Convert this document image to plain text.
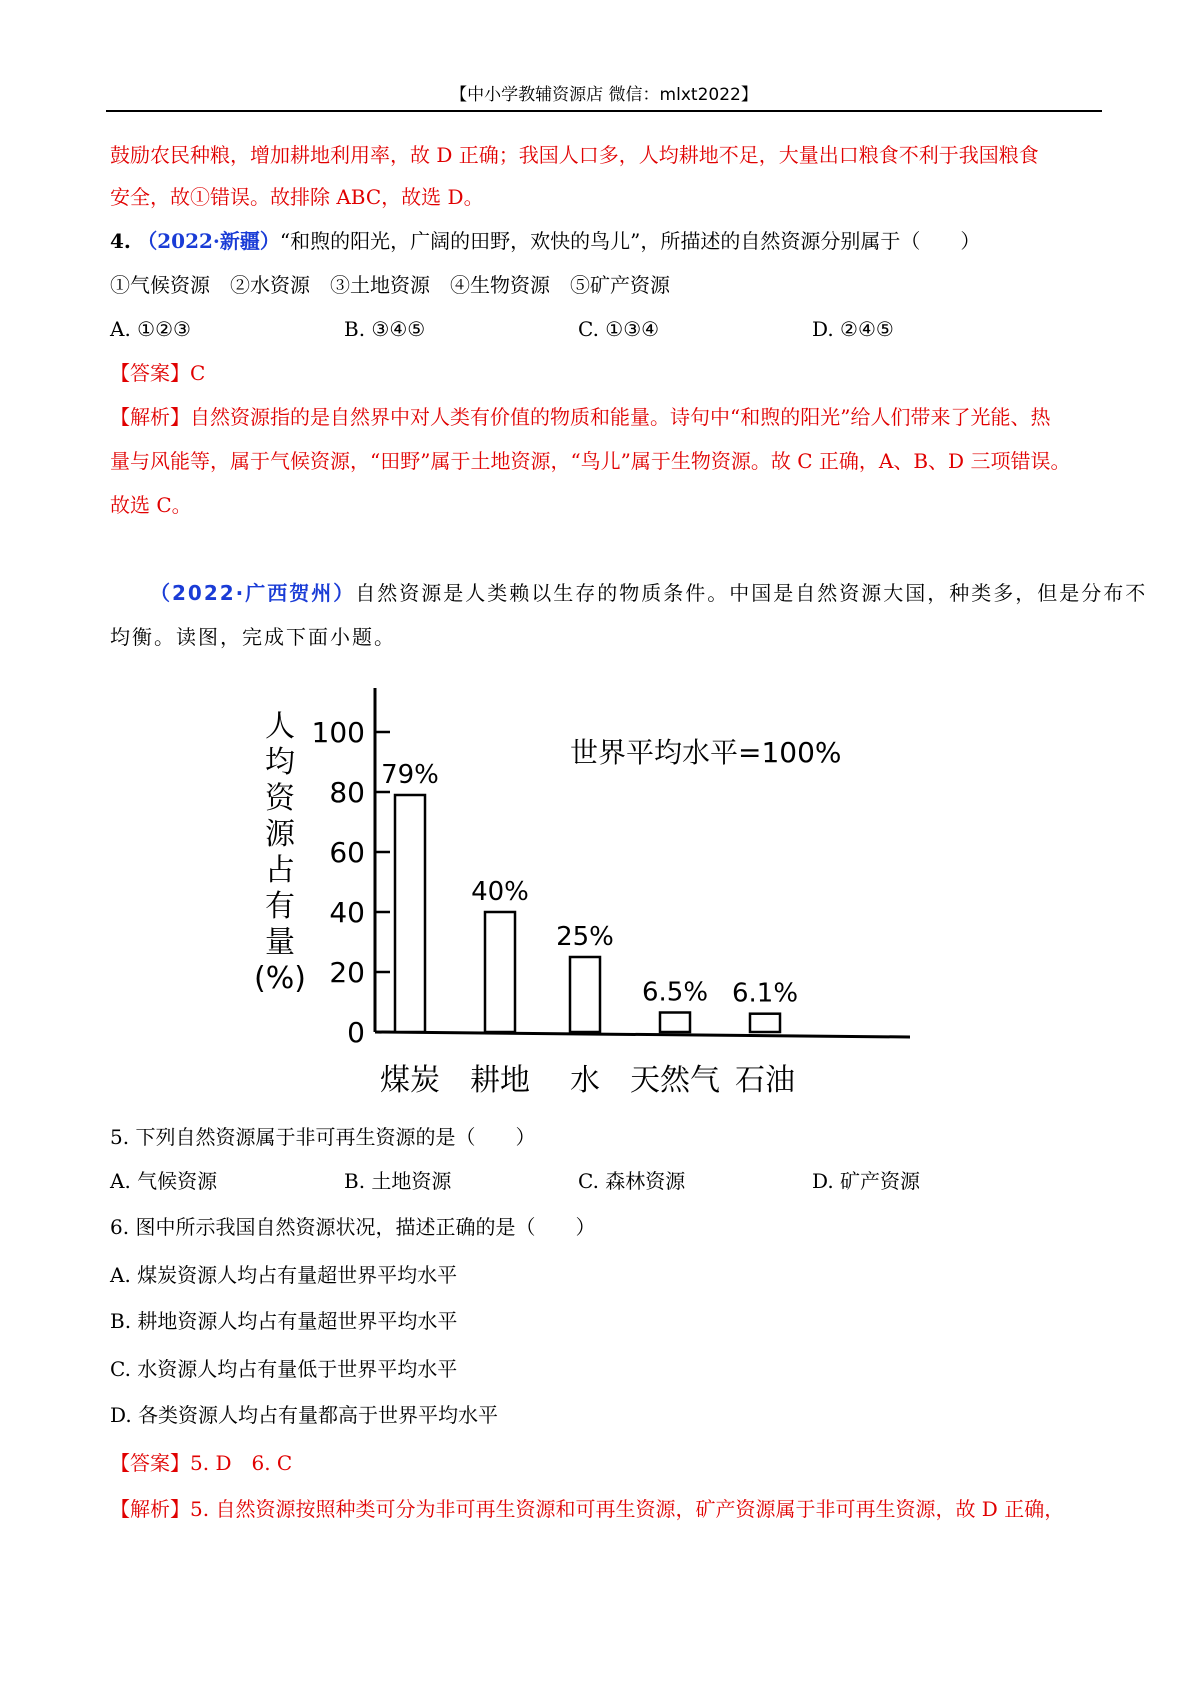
【中小学教辅资源店 微信：mlxt2022】
鼓励农民种粮，增加耕地利用率，故 D 正确；我国人口多，人均耕地不足，大量出口粮食不利于我国粮食
安全，故①错误。故排除 ABC，故选 D。
4. （2022·新疆）“和煦的阳光，广阔的田野，欢快的鸟儿”，所描述的自然资源分别属于（　　）
①气候资源　②水资源　③土地资源　④生物资源　⑤矿产资源
A. ①②③	B. ③④⑤	C. ①③④	D. ②④⑤
【答案】C
【解析】自然资源指的是自然界中对人类有价值的物质和能量。诗句中“和煦的阳光”给人们带来了光能、热
量与风能等，属于气候资源，“田野”属于土地资源，“鸟儿”属于生物资源。故 C 正确，A、B、D 三项错误。
故选 C。
（2022·广西贺州）自然资源是人类赖以生存的物质条件。中国是自然资源大国，种类多，但是分布不
均衡。读图，完成下面小题。
人
均
资
源
占
有
量
(%)
100
80
60
40
20
0
世界平均水平=100%
79%
煤炭
40%
耕地
25%
水
6.5%
天然气
6.1%
石油
5. 下列自然资源属于非可再生资源的是（　　）
A. 气候资源	B. 土地资源	C. 森林资源	D. 矿产资源
6. 图中所示我国自然资源状况，描述正确的是（　　）
A. 煤炭资源人均占有量超世界平均水平
B. 耕地资源人均占有量超世界平均水平
C. 水资源人均占有量低于世界平均水平
D. 各类资源人均占有量都高于世界平均水平
【答案】5. D　6. C
【解析】5. 自然资源按照种类可分为非可再生资源和可再生资源，矿产资源属于非可再生资源，故 D 正确，
